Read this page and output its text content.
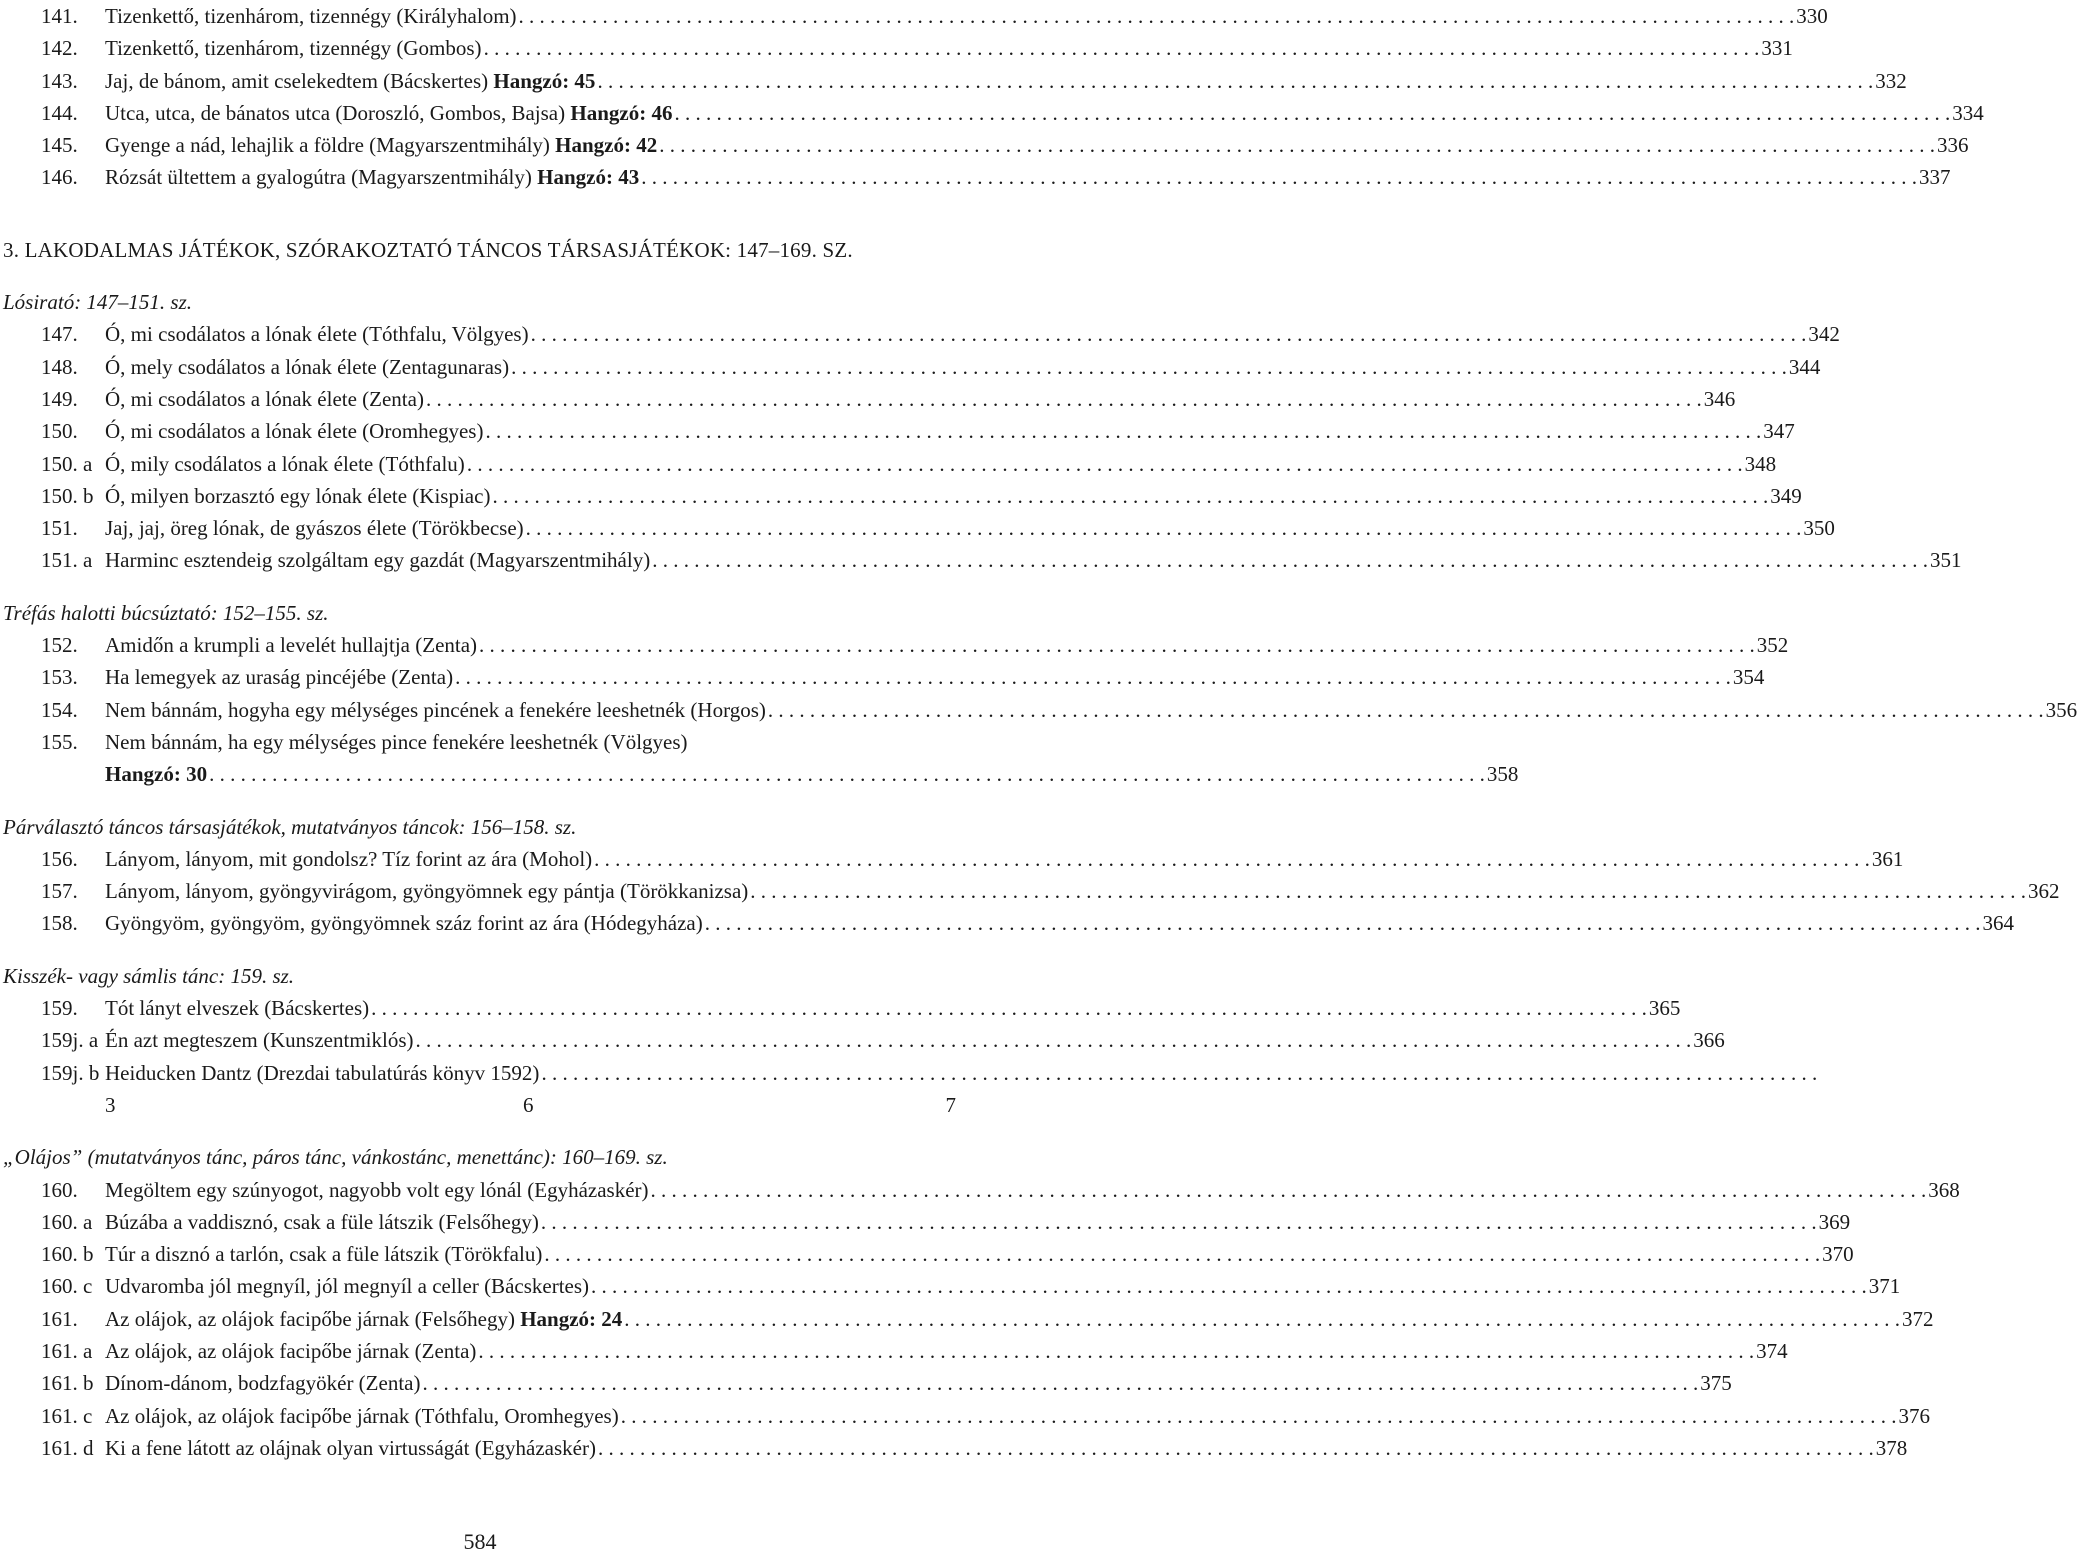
141.	Tizenkettő, tizenhárom, tizennégy (Királyhalom) . . .	330
142.	Tizenkettő, tizenhárom, tizennégy (Gombos) . . .	331
143.	Jaj, de bánom, amit cselekedtem (Bácskertes) Hangzó: 45 . . .	332
144.	Utca, utca, de bánatos utca (Doroszló, Gombos, Bajsa) Hangzó: 46 . . .	334
145.	Gyenge a nád, lehajlik a földre (Magyarszentmihály) Hangzó: 42 . . .	336
146.	Rózsát ültettem a gyalogútra (Magyarszentmihály) Hangzó: 43 . . .	337
3. LAKODALMAS JÁTÉKOK, SZÓRAKOZTATÓ TÁNCOS TÁRSASJÁTÉKOK: 147–169. SZ.
Lósirató: 147–151. sz.
147.	Ó, mi csodálatos a lónak élete (Tóthfalu, Völgyes) . . .	342
148.	Ó, mely csodálatos a lónak élete (Zentagunaras) . . .	344
149.	Ó, mi csodálatos a lónak élete (Zenta) . . .	346
150.	Ó, mi csodálatos a lónak élete (Oromhegyes) . . .	347
150. a Ó, mily csodálatos a lónak élete (Tóthfalu) . . .	348
150. b Ó, milyen borzasztó egy lónak élete (Kispiac) . . .	349
151.	Jaj, jaj, öreg lónak, de gyászos élete (Törökbecse) . . .	350
151. a Harminc esztendeig szolgáltam egy gazdát (Magyarszentmihály) . . .	351
Tréfás halotti búcsúztató: 152–155. sz.
152.	Amidőn a krumpli a levelét hullajtja (Zenta) . . .	352
153.	Ha lemegyek az uraság pincéjébe (Zenta) . . .	354
154.	Nem bánnám, hogyha egy mélységes pincének a fenekére leeshetnék (Horgos) . . .	356
155.	Nem bánnám, ha egy mélységes pince fenekére leeshetnék (Völgyes)
Hangzó: 30 . . .	358
Párválasztó táncos társasjátékok, mutatványos táncok: 156–158. sz.
156.	Lányom, lányom, mit gondolsz? Tíz forint az ára (Mohol) . . .	361
157.	Lányom, lányom, gyöngyvirágom, gyöngyömnek egy pántja (Törökkanizsa) . . .	362
158.	Gyöngyöm, gyöngyöm, gyöngyömnek száz forint az ára (Hódegyháza) . . .	364
Kisszék- vagy sámlis tánc: 159. sz.
159.	Tót lányt elveszek (Bácskertes) . . .	365
159j. a Én azt megteszem (Kunszentmiklós) . . .	366
159j. b Heiducken Dantz (Drezdai tabulatúrás könyv 1592)
. . .
3	6	7
„Olájos” (mutatványos tánc, páros tánc, vánkostánc, menettánc): 160–169. sz.
160.	Megöltem egy szúnyogot, nagyobb volt egy lónál (Egyházaskér) . . .	368
160. a Búzába a vaddisznó, csak a füle látszik (Felsőhegy) . . .	369
160. b Túr a disznó a tarlón, csak a füle látszik (Törökfalu) . . .	370
160. c Udvaromba jól megnyíl, jól megnyíl a celler (Bácskertes) . . .	371
161.	Az olájok, az olájok facipőbe járnak (Felsőhegy) Hangzó: 24 . . .	372
161. a Az olájok, az olájok facipőbe járnak (Zenta) . . .	374
161. b Dínom-dánom, bodzfagyökér (Zenta) . . .	375
161. c Az olájok, az olájok facipőbe járnak (Tóthfalu, Oromhegyes) . . .	376
161. d Ki a fene látott az olájnak olyan virtusságát (Egyházaskér) . . .	378
584
